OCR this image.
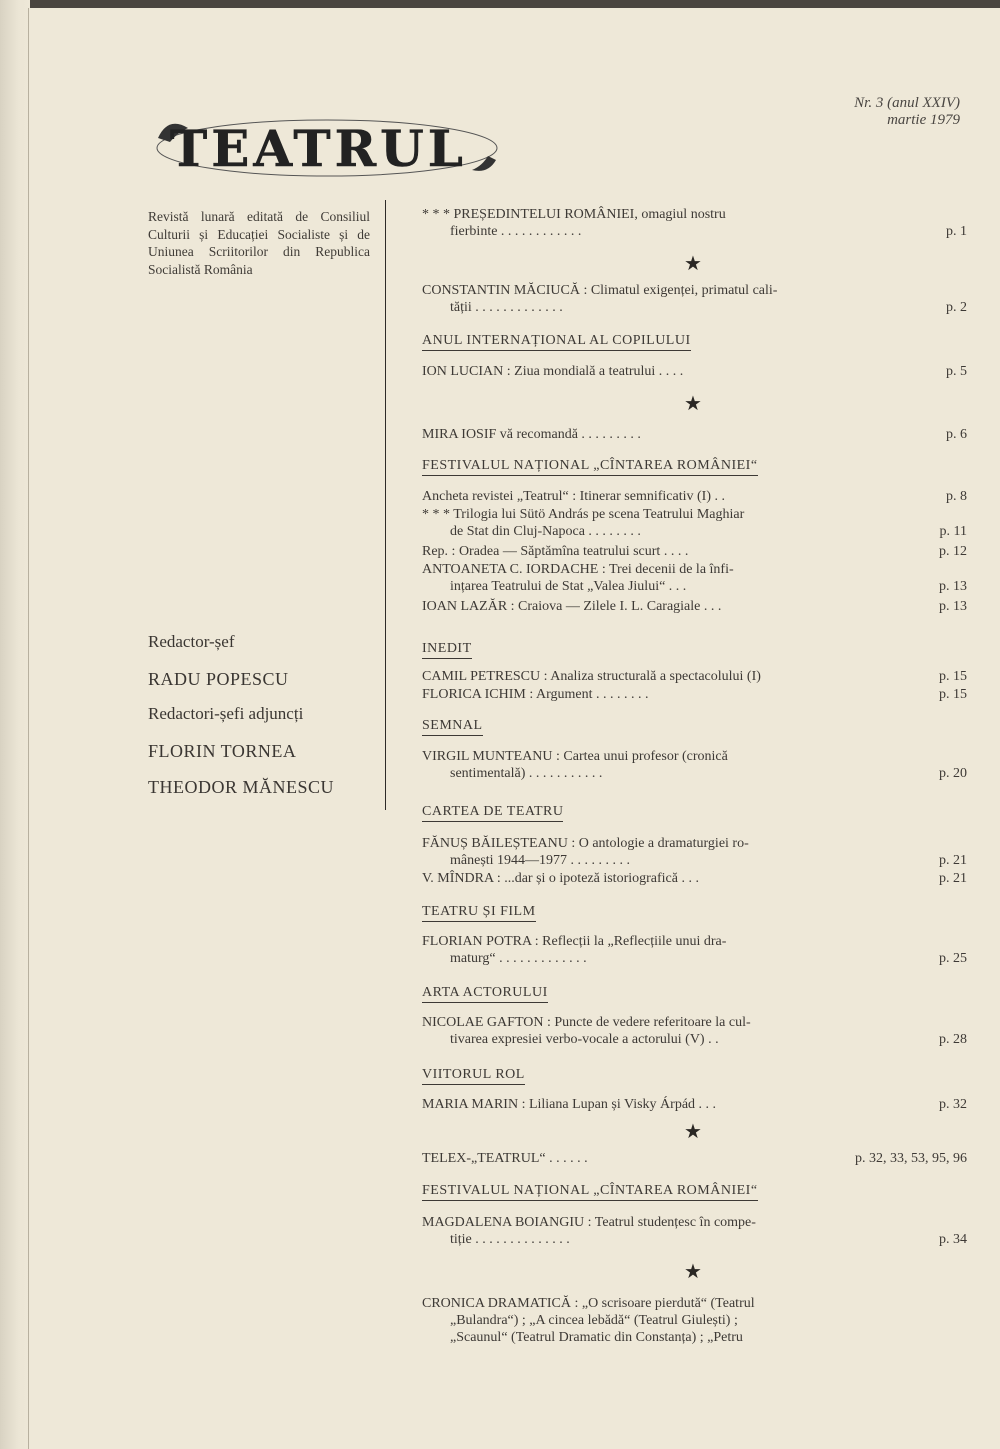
TEATRUL
Nr. 3 (anul XXIV)
martie 1979
Revistă lunară editată de Consiliul Culturii și Educației Socialiste și de Uniunea Scriitorilor din Republica Socialistă România
Redactor-șef
RADU POPESCU
Redactori-șefi adjuncți
FLORIN TORNEA
THEODOR MĂNESCU
* * * PREȘEDINTELUI ROMÂNIEI, omagiul nostru
fierbinte . . . . . . . . . . . .	p. 1
★
CONSTANTIN MĂCIUCĂ : Climatul exigenței, primatul cali-
tății . . . . . . . . . . . . .	p. 2
ANUL INTERNAȚIONAL AL COPILULUI
ION LUCIAN : Ziua mondială a teatrului . . . .	p. 5
★
MIRA IOSIF vă recomandă . . . . . . . . .	p. 6
FESTIVALUL NAȚIONAL „CÎNTAREA ROMÂNIEI“
Ancheta revistei „Teatrul“ : Itinerar semnificativ (I) . .	p. 8
* * * Trilogia lui Sütö András pe scena Teatrului Maghiar
de Stat din Cluj-Napoca . . . . . . . .	p. 11
Rep. : Oradea — Săptămîna teatrului scurt . . . .	p. 12
ANTOANETA C. IORDACHE : Trei decenii de la înfi-
ințarea Teatrului de Stat „Valea Jiului“ . . .	p. 13
IOAN LAZĂR : Craiova — Zilele I. L. Caragiale . . .	p. 13
INEDIT
CAMIL PETRESCU : Analiza structurală a spectacolului (I)	p. 15
FLORICA ICHIM : Argument . . . . . . . .	p. 15
SEMNAL
VIRGIL MUNTEANU : Cartea unui profesor (cronică
sentimentală) . . . . . . . . . . .	p. 20
CARTEA DE TEATRU
FĂNUȘ BĂILEȘTEANU : O antologie a dramaturgiei ro-
mânești 1944—1977 . . . . . . . . .	p. 21
V. MÎNDRA : ...dar și o ipoteză istoriografică . . .	p. 21
TEATRU ȘI FILM
FLORIAN POTRA : Reflecții la „Reflecțiile unui dra-
maturg“ . . . . . . . . . . . . .	p. 25
ARTA ACTORULUI
NICOLAE GAFTON : Puncte de vedere referitoare la cul-
tivarea expresiei verbo-vocale a actorului (V) . .	p. 28
VIITORUL ROL
MARIA MARIN : Liliana Lupan și Visky Árpád . . .	p. 32
★
TELEX-„TEATRUL“ . . . . . .	p. 32, 33, 53, 95, 96
FESTIVALUL NAȚIONAL „CÎNTAREA ROMÂNIEI“
MAGDALENA BOIANGIU : Teatrul studențesc în compe-
tiție . . . . . . . . . . . . . .	p. 34
★
CRONICA DRAMATICĂ : „O scrisoare pierdută“ (Teatrul
„Bulandra“) ; „A cincea lebădă“ (Teatrul Giulești) ;
„Scaunul“ (Teatrul Dramatic din Constanța) ; „Petru
